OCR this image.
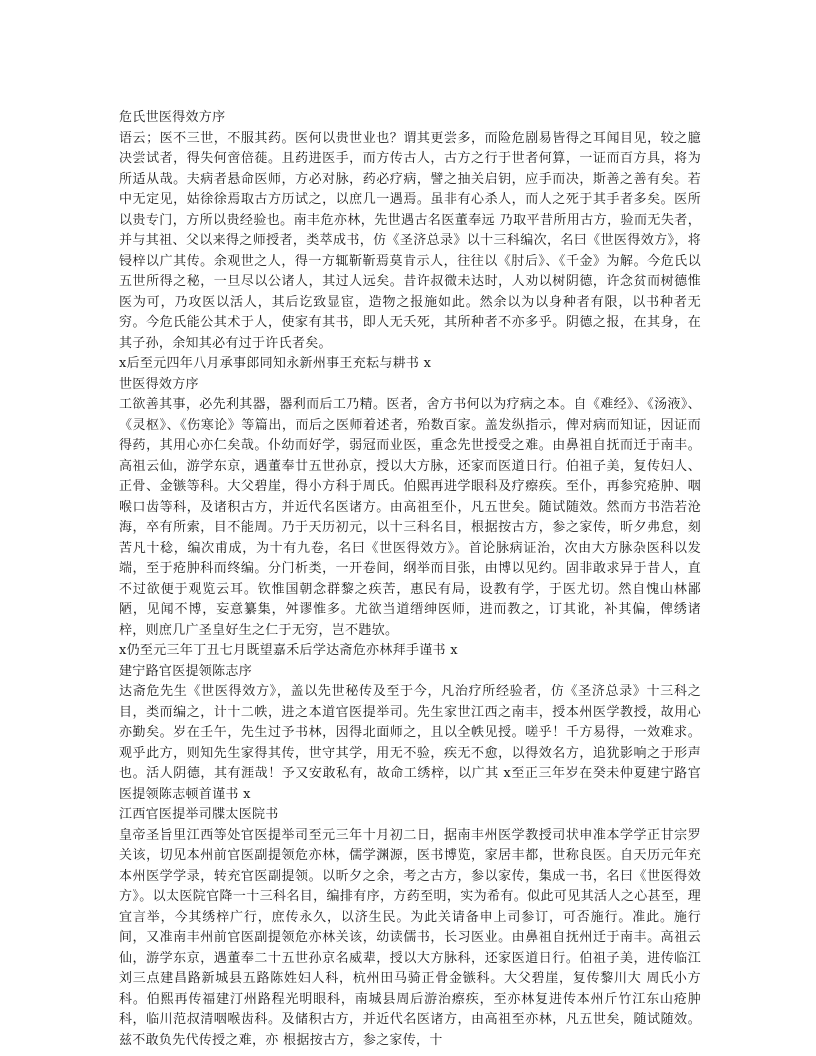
危氏世医得效方序

语云；医不三世，不服其药。医何以贵世业也？谓其更尝多，而险危剧易皆得之耳闻目见，较之臆决尝试者，得失何啻倍蓰。且药进医手，而方传古人，古方之行于世者何算，一证而百方具，将为所适从哉。夫病者悬命医师，方必对脉，药必疗病，譬之抽关启钥，应手而决，斯善之善有矣。若中无定见，姑徐徐焉取古方历试之，以庶几一遇焉。虽非有心杀人，而人之死于其手者多矣。医所以贵专门，方所以贵经验也。南丰危亦林，先世遇古名医董奉远 乃取平昔所用古方，验而无失者，并与其祖、父以来得之师授者，类萃成书，仿《圣济总录》以十三科编次，名曰《世医得效方》，将锓梓以广其传。余观世之人，得一方辄靳靳焉莫肯示人，往往以《肘后》、《千金》为解。今危氏以五世所得之秘，一旦尽以公诸人，其过人远矣。昔许叔微未达时，人劝以树阴德，许念贫而树德惟医为可，乃攻医以活人，其后讫致显宦，造物之报施如此。然余以为以身种者有限，以书种者无穷。今危氏能公其术于人，使家有其书，即人无夭死，其所种者不亦多乎。阴德之报，在其身，在其子孙，余知其必有过于许氏者矣。

x后至元四年八月承事郎同知永新州事王充耘与耕书 x

世医得效方序

工欲善其事，必先利其器，器利而后工乃精。医者，舍方书何以为疗病之本。自《难经》、《汤液》、《灵枢》、《伤寒论》等篇出，而后之医师着述者，殆数百家。盖发纵指示，俾对病而知证，因证而得药，其用心亦仁矣哉。仆幼而好学，弱冠而业医，重念先世授受之难。由鼻祖自抚而迁于南丰。高祖云仙，游学东京，遇董奉廿五世孙京，授以大方脉，还家而医道日行。伯祖子美，复传妇人、正骨、金镞等科。大父碧崖，得小方科于周氏。伯熙再进学眼科及疗瘵疾。至仆，再参究疮肿、咽喉口齿等科，及诸积古方，并近代名医诸方。由高祖至仆，凡五世矣。随试随效。然而方书浩若沧海，卒有所索，目不能周。乃于天历初元，以十三科名目，根据按古方，参之家传，昕夕弗怠，刻苦凡十稔，编次甫成，为十有九卷，名曰《世医得效方》。首论脉病证治，次由大方脉杂医科以发端，至于疮肿科而终编。分门析类，一开卷间，纲举而目张，由博以见约。固非敢求异于昔人，直不过欲便于观览云耳。钦惟国朝念群黎之疾苦，惠民有局，设教有学，于医尤切。然自愧山林鄙陋，见闻不博，妄意纂集，舛谬惟多。尤欲当道缙绅医师，进而教之，订其讹，补其偏，俾绣诸梓，则庶几广圣皇好生之仁于无穷，岂不韪欤。

x仍至元三年丁丑七月既望嘉禾后学达斋危亦林拜手谨书 x

建宁路官医提领陈志序

达斋危先生《世医得效方》，盖以先世秘传及至于今，凡治疗所经验者，仿《圣济总录》十三科之目，类而编之，计十二帙，进之本道官医提举司。先生家世江西之南丰，授本州医学教授，故用心亦勤矣。岁在壬午，先生过予书林，因得北面师之，且以全帙见授。嗟乎！千方易得，一效难求。观乎此方，则知先生家得其传，世守其学，用无不验，疾无不愈，以得效名方，追犹影响之于形声也。活人阴德，其有涯哉！予又安敢私有，故命工绣梓，以广其 x至正三年岁在癸未仲夏建宁路官医提领陈志顿首谨书 x

江西官医提举司牒太医院书

皇帝圣旨里江西等处官医提举司至元三年十月初二日，据南丰州医学教授司状申准本学学正甘宗罗关该，切见本州前官医副提领危亦林，儒学渊源，医书博览，家居丰都，世称良医。自天历元年充本州医学学录，转充官医副提领。以昕夕之余，考之古方，参以家传，集成一书，名曰《世医得效方》。以太医院官降一十三科名目，编排有序，方药至明，实为希有。似此可见其活人之心甚至，理宜言举，今其绣梓广行，庶传永久，以济生民。为此关请备申上司参订，可否施行。准此。施行间，又准南丰州前官医副提领危亦林关该，幼读儒书，长习医业。由鼻祖自抚州迁于南丰。高祖云仙，游学东京，遇董奉二十五世孙京名威辈，授以大方脉科，还家医道日行。伯祖子美，进传临江刘三点建昌路新城县五路陈姓妇人科，杭州田马骑正骨金镞科。大父碧崖，复传黎川大 周氏小方科。伯熙再传福建汀州路程光明眼科，南城县周后游治瘵疾，至亦林复进传本州斤竹江东山疮肿科，临川范叔清咽喉齿科。及储积古方，并近代名医诸方，由高祖至亦林，凡五世矣，随试随效。兹不敢负先代传授之难，亦 根据按古方，参之家传，十
